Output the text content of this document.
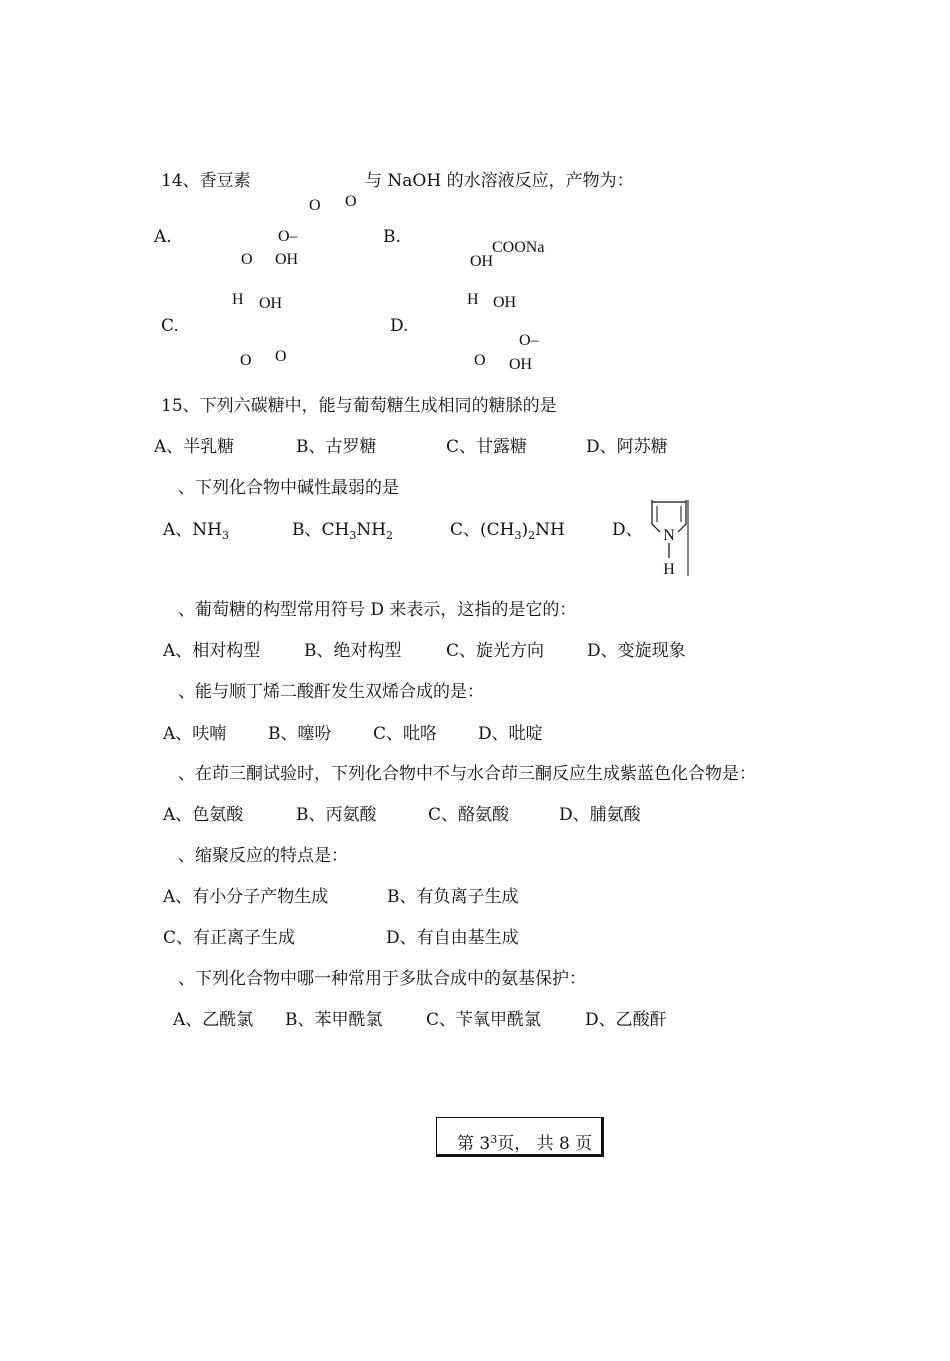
14、香豆素	与 NaOH 的水溶液反应，产物为：
O O
A.	O–
O OH
B.
OH
COONa
H OH
C.
O O
H OH
D.
O–
O OH
15、下列六碳糖中，能与葡萄糖生成相同的糖脎的是
A、半乳糖	B、古罗糖	C、甘露糖	D、阿苏糖
、下列化合物中碱性最弱的是
A、$NH_3$	B、$CH_3NH_2$	C、$(CH_3)_2NH$	D、 N
H
、葡萄糖的构型常用符号 D 来表示，这指的是它的：
A、相对构型	B、绝对构型	C、旋光方向	D、变旋现象
、能与顺丁烯二酸酐发生双烯合成的是：
A、呋喃 B、噻吩 C、吡咯 D、吡啶
、在茚三酮试验时，下列化合物中不与水合茚三酮反应生成紫蓝色化合物是：
A、色氨酸	B、丙氨酸	C、酪氨酸	D、脯氨酸
、缩聚反应的特点是：
A、有小分子产物生成	B、有负离子生成
C、有正离子生成	D、有自由基生成
、下列化合物中哪一种常用于多肽合成中的氨基保护：
A、乙酰氯 B、苯甲酰氯	C、苄氧甲酰氯	D、乙酸酐
第 $3^3$页， 共 8 页
